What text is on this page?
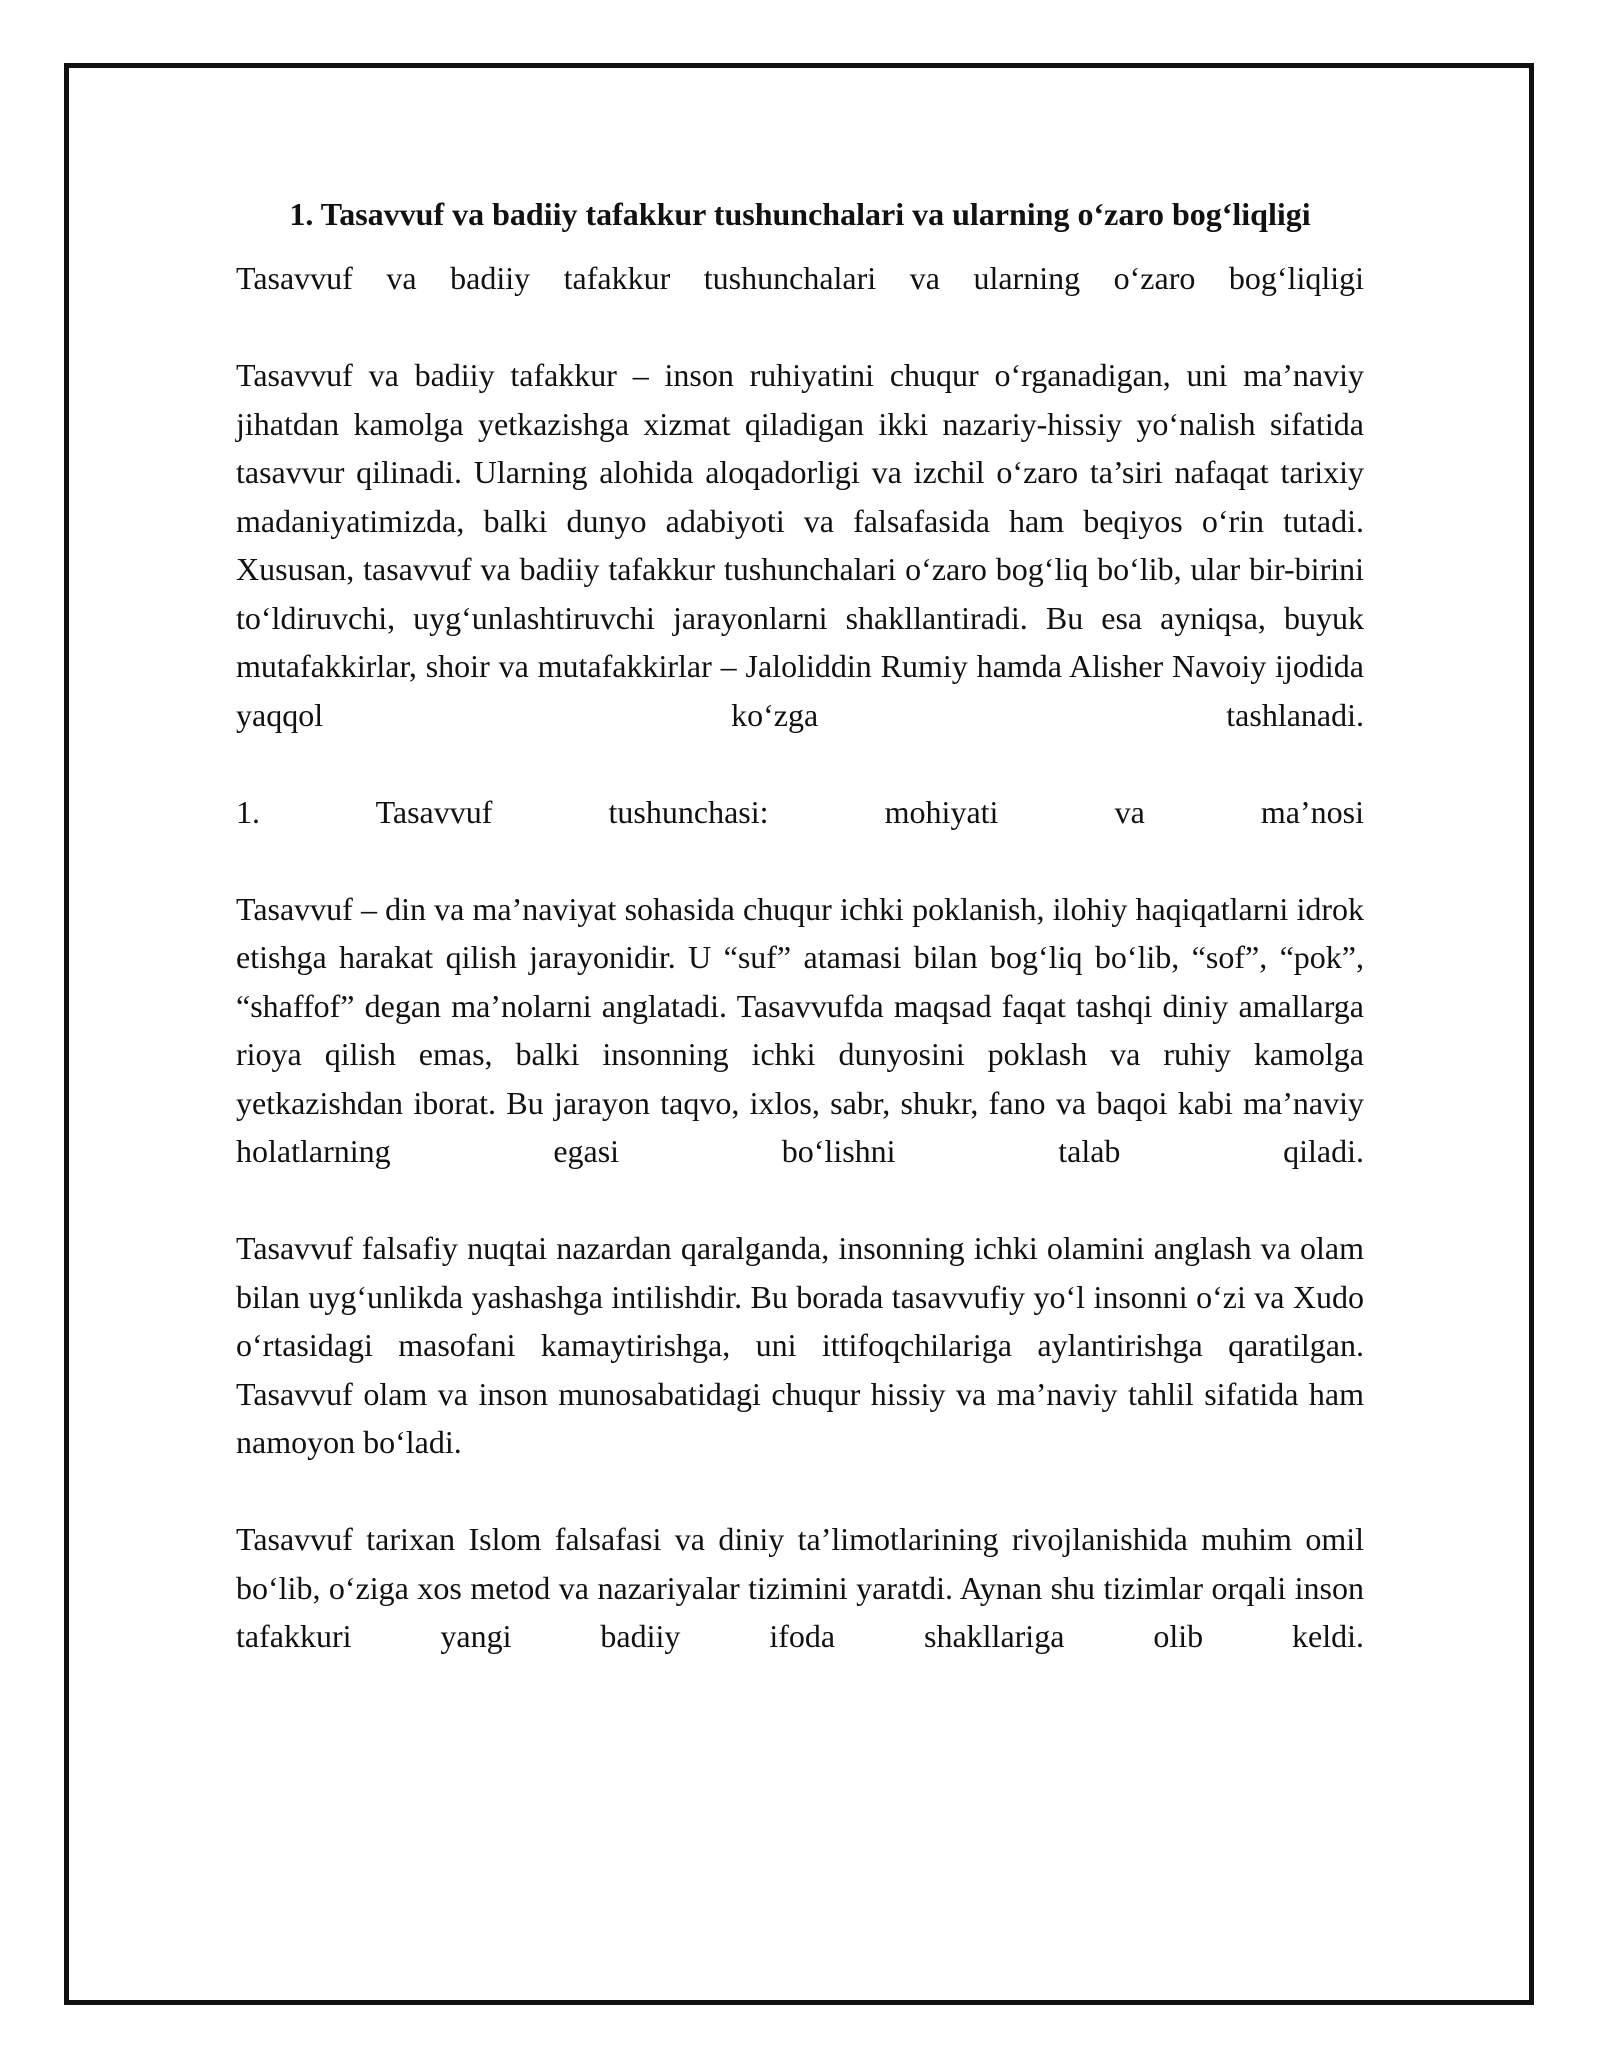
1. Tasavvuf va badiiy tafakkur tushunchalari va ularning o‘zaro bog‘liqligi

Tasavvuf va badiiy tafakkur tushunchalari va ularning o‘zaro bog‘liqligi

Tasavvuf va badiiy tafakkur – inson ruhiyatini chuqur o‘rganadigan, uni ma’naviy jihatdan kamolga yetkazishga xizmat qiladigan ikki nazariy-hissiy yo‘nalish sifatida tasavvur qilinadi. Ularning alohida aloqadorligi va izchil o‘zaro ta’siri nafaqat tarixiy madaniyatimizda, balki dunyo adabiyoti va falsafasida ham beqiyos o‘rin tutadi. Xususan, tasavvuf va badiiy tafakkur tushunchalari o‘zaro bog‘liq bo‘lib, ular bir-birini to‘ldiruvchi, uyg‘unlashtiruvchi jarayonlarni shakllantiradi. Bu esa ayniqsa, buyuk mutafakkirlar, shoir va mutafakkirlar – Jaloliddin Rumiy hamda Alisher Navoiy ijodida yaqqol ko‘zga tashlanadi.

1. Tasavvuf tushunchasi: mohiyati va ma’nosi

Tasavvuf – din va ma’naviyat sohasida chuqur ichki poklanish, ilohiy haqiqatlarni idrok etishga harakat qilish jarayonidir. U “suf” atamasi bilan bog‘liq bo‘lib, “sof”, “pok”, “shaffof” degan ma’nolarni anglatadi. Tasavvufda maqsad faqat tashqi diniy amallarga rioya qilish emas, balki insonning ichki dunyosini poklash va ruhiy kamolga yetkazishdan iborat. Bu jarayon taqvo, ixlos, sabr, shukr, fano va baqoi kabi ma’naviy holatlarning egasi bo‘lishni talab qiladi.

Tasavvuf falsafiy nuqtai nazardan qaralganda, insonning ichki olamini anglash va olam bilan uyg‘unlikda yashashga intilishdir. Bu borada tasavvufiy yo‘l insonni o‘zi va Xudo o‘rtasidagi masofani kamaytirishga, uni ittifoqchilariga aylantirishga qaratilgan. Tasavvuf olam va inson munosabatidagi chuqur hissiy va ma’naviy tahlil sifatida ham namoyon bo‘ladi.

Tasavvuf tarixan Islom falsafasi va diniy ta’limotlarining rivojlanishida muhim omil bo‘lib, o‘ziga xos metod va nazariyalar tizimini yaratdi. Aynan shu tizimlar orqali inson tafakkuri yangi badiiy ifoda shakllariga olib keldi.
